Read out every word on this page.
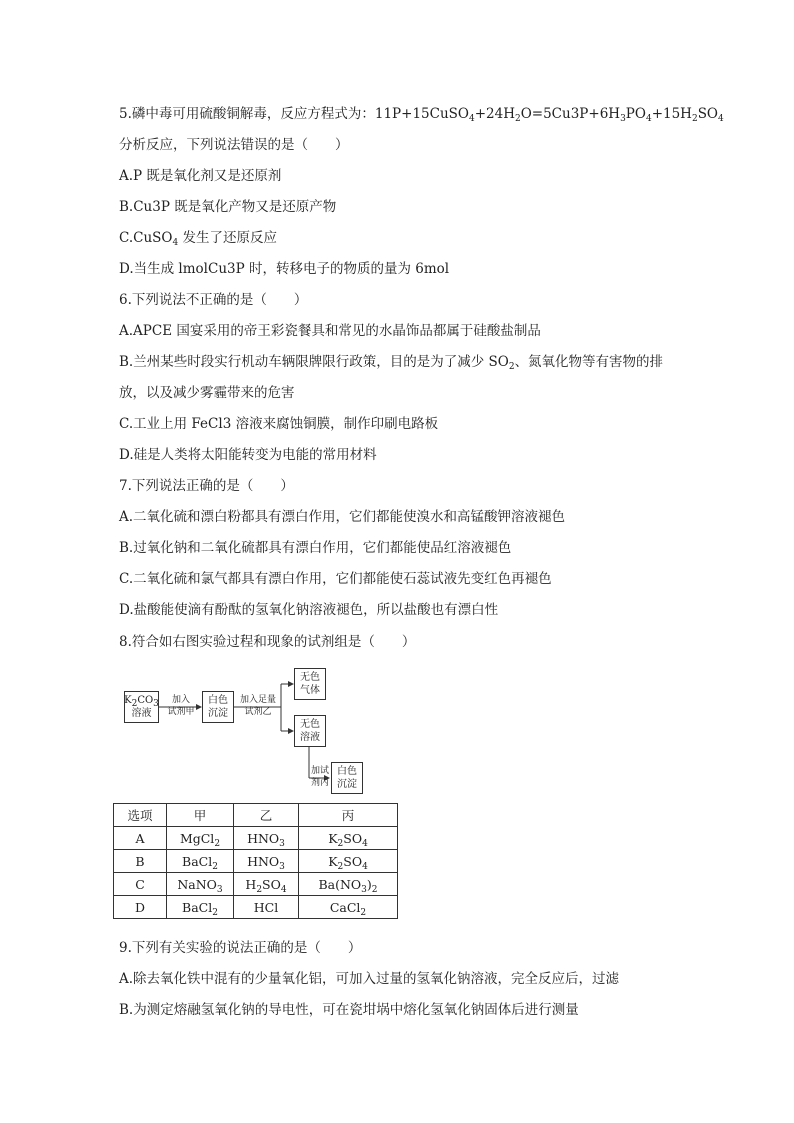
5.磷中毒可用硫酸铜解毒，反应方程式为：$11P+15CuSO_4+24H_2O=5Cu3P+6H_3PO_4+15H_2SO_4$
分析反应，下列说法错误的是（　　）
A.P 既是氧化剂又是还原剂
B.Cu3P 既是氧化产物又是还原产物
C.CuSO$_4$ 发生了还原反应
D.当生成 lmolCu3P 时，转移电子的物质的量为 6mol
6.下列说法不正确的是（　　）
A.APCE 国宴采用的帝王彩瓷餐具和常见的水晶饰品都属于硅酸盐制品
B.兰州某些时段实行机动车辆限牌限行政策，目的是为了减少 $SO_2$、氮氧化物等有害物的排
放，以及减少雾霾带来的危害
C.工业上用 FeCl3 溶液来腐蚀铜膜，制作印刷电路板
D.硅是人类将太阳能转变为电能的常用材料
7.下列说法正确的是（　　）
A.二氧化硫和漂白粉都具有漂白作用，它们都能使溴水和高锰酸钾溶液褪色
B.过氧化钠和二氧化硫都具有漂白作用，它们都能使品红溶液褪色
C.二氧化硫和氯气都具有漂白作用，它们都能使石蕊试液先变红色再褪色
D.盐酸能使滴有酚酞的氢氧化钠溶液褪色，所以盐酸也有漂白性
8.符合如右图实验过程和现象的试剂组是（　　）
$K_2CO_3$
溶液
加入
试剂甲
白色
沉淀
加入足量
试剂乙
无色
气体
无色
溶液
加试
剂丙
白色
沉淀
选项	甲	乙	丙
A	MgCl$_2$	$HNO_3$	$K_2SO_4$
B	BaCl$_2$	$HNO_3$	$K_2SO_4$
C	NaNO$_3$	$H_2SO_4$	$Ba(NO_3)_2$
D	BaCl$_2$	HCl	CaCl$_2$
9.下列有关实验的说法正确的是（　　）
A.除去氧化铁中混有的少量氧化铝，可加入过量的氢氧化钠溶液，完全反应后，过滤
B.为测定熔融氢氧化钠的导电性，可在瓷坩埚中熔化氢氧化钠固体后进行测量
